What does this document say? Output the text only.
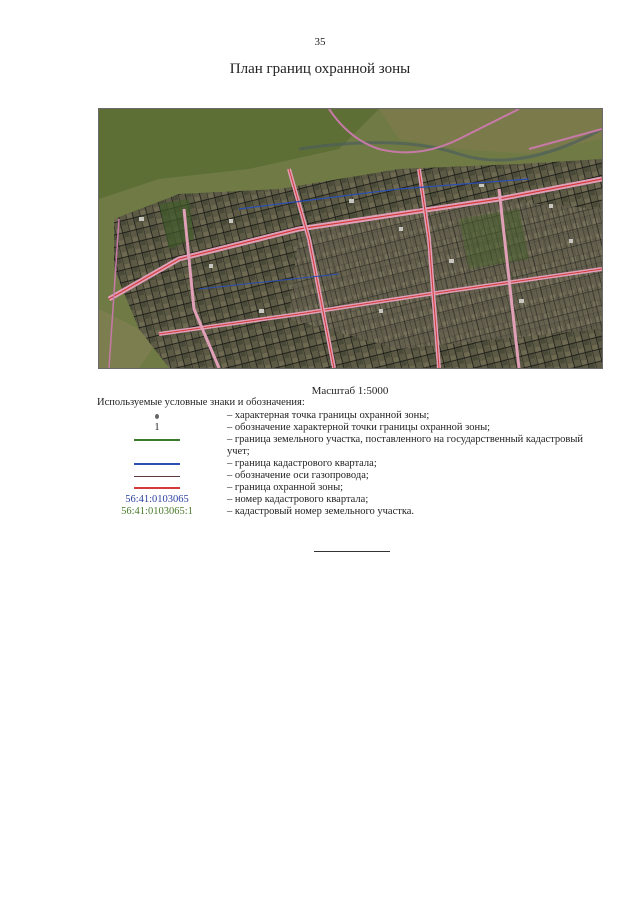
35
План границ охранной зоны
Масштаб 1:5000
Используемые условные знаки и обозначения:
– характерная точка границы охранной зоны;
1	– обозначение характерной точки границы охранной зоны;
– граница земельного участка, поставленного на государственный кадастровый учет;
– граница кадастрового квартала;
– обозначение оси газопровода;
– граница охранной зоны;
56:41:0103065	– номер кадастрового квартала;
56:41:0103065:1	– кадастровый номер земельного участка.
